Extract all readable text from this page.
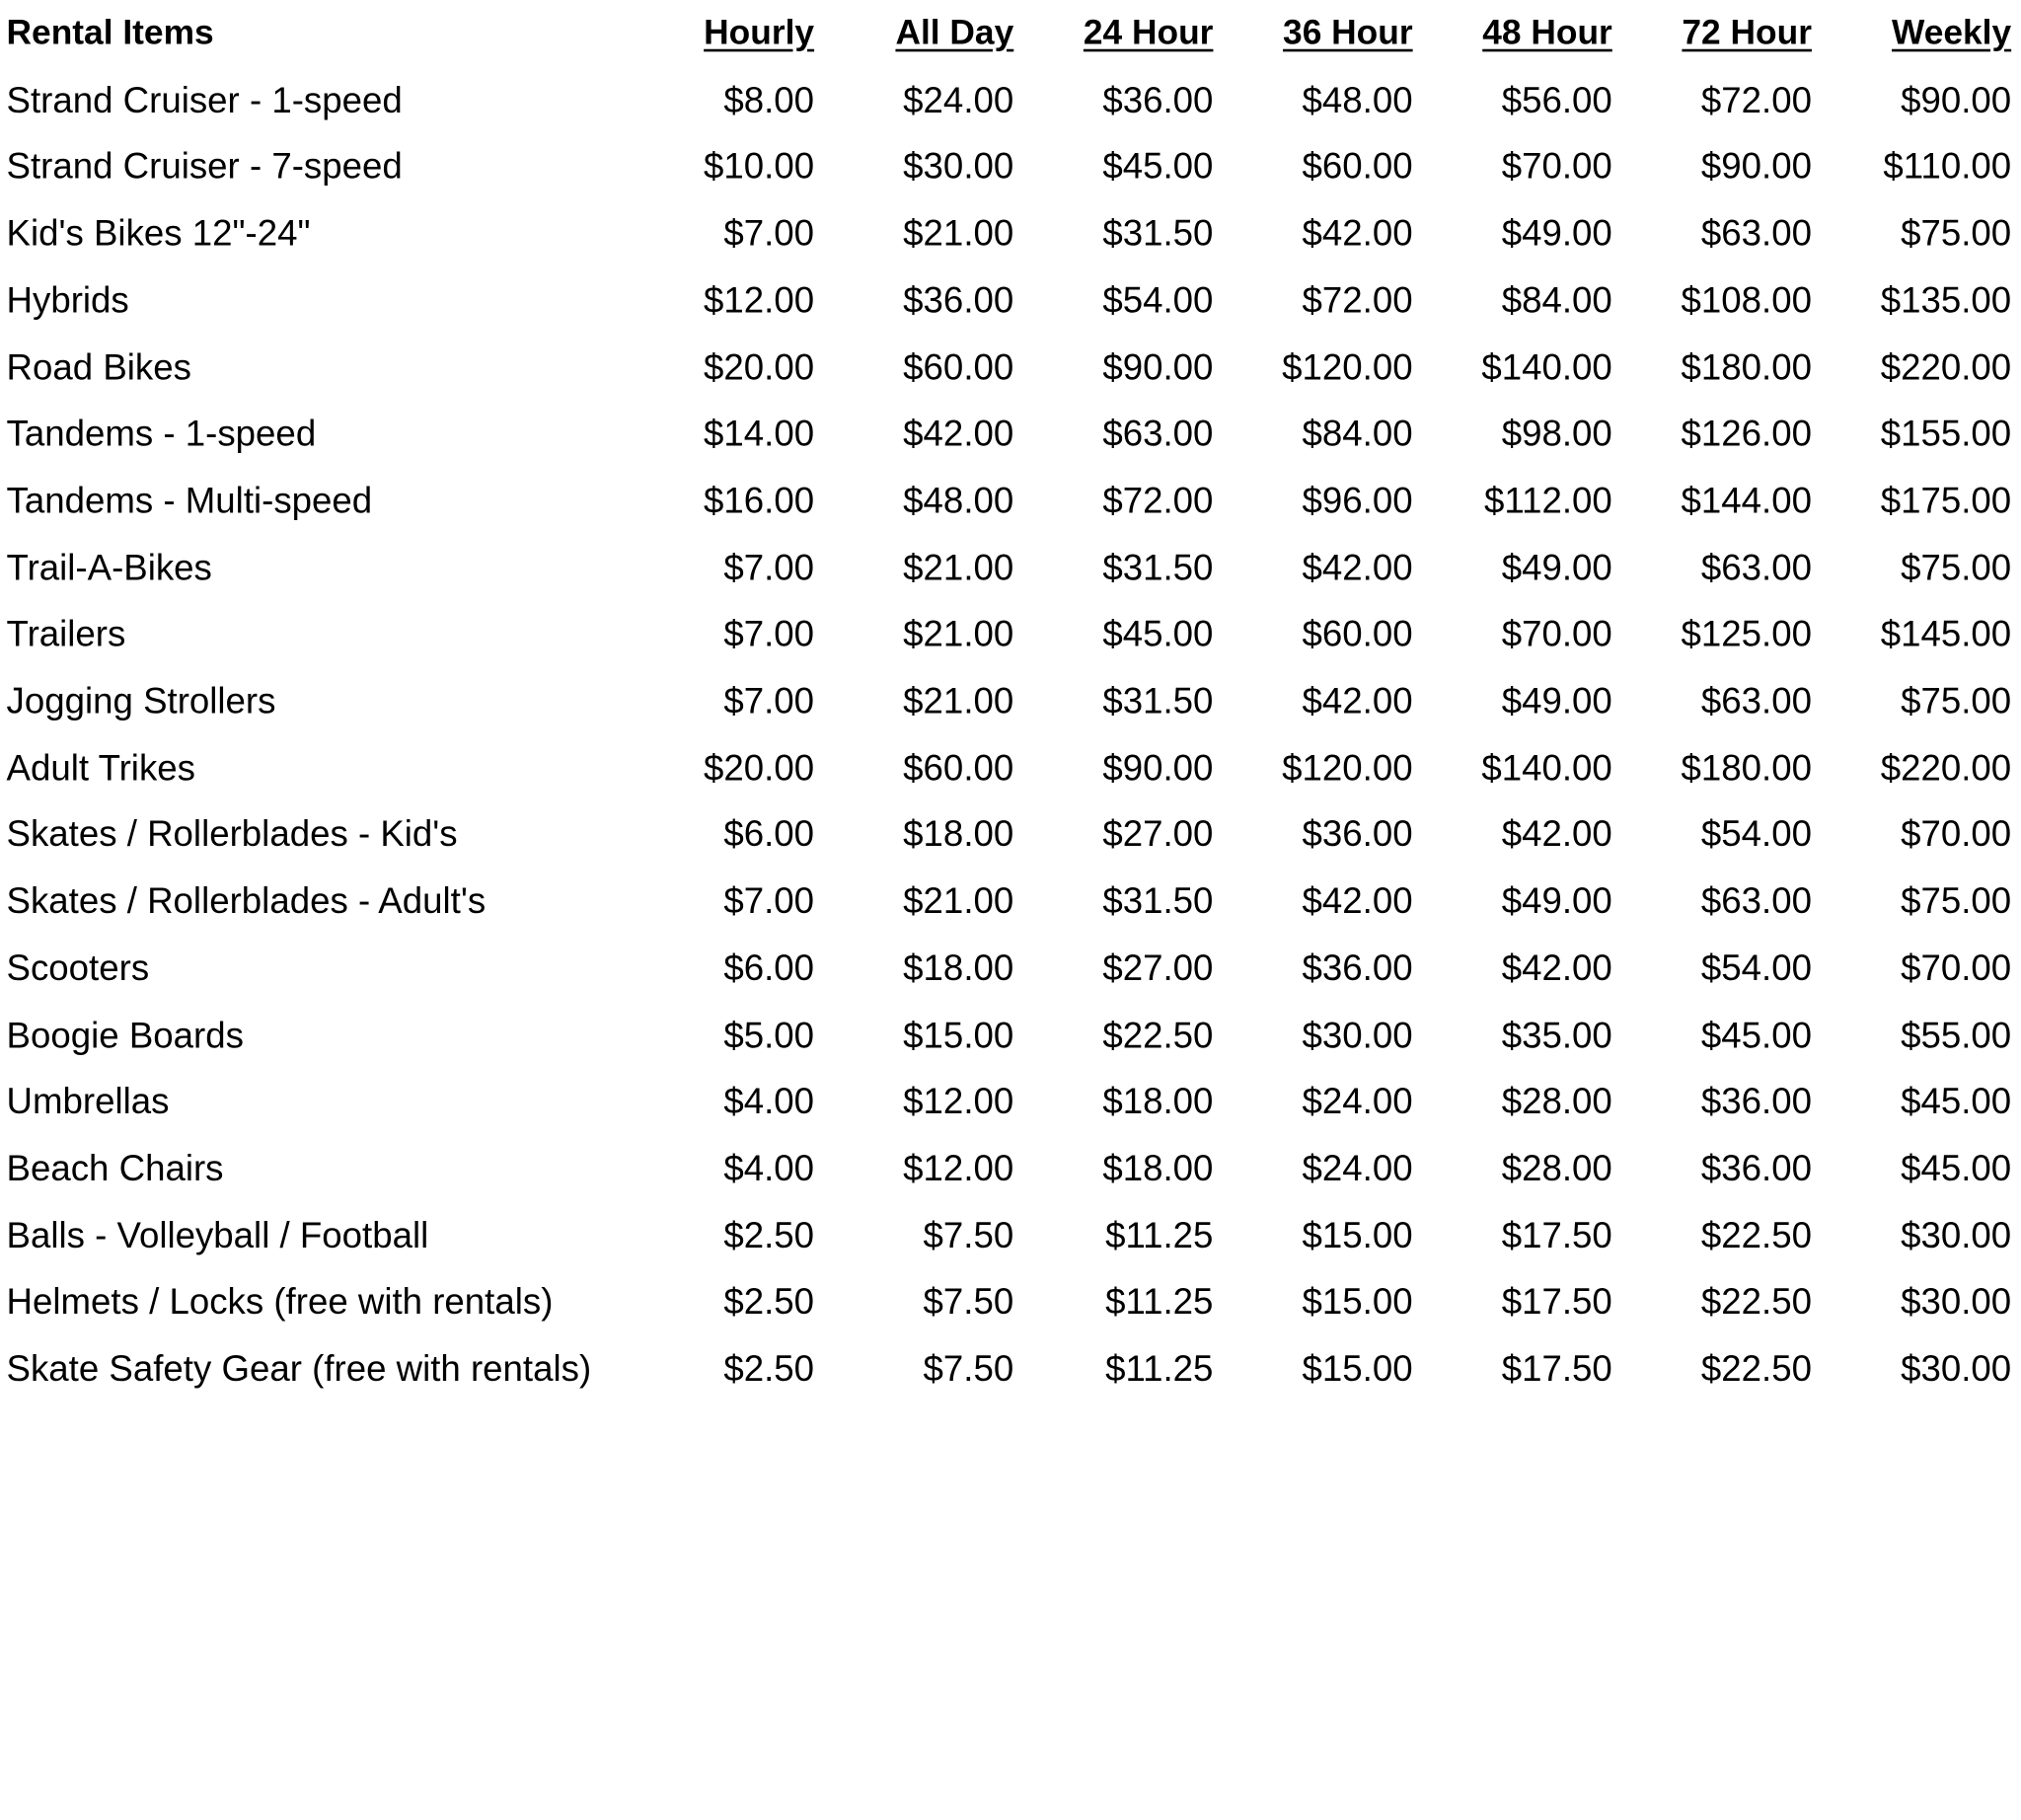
Rental Items	Hourly	All Day	24 Hour	36 Hour	48 Hour	72 Hour	Weekly
Strand Cruiser - 1-speed	$8.00	$24.00	$36.00	$48.00	$56.00	$72.00	$90.00
Strand Cruiser - 7-speed	$10.00	$30.00	$45.00	$60.00	$70.00	$90.00	$110.00
Kid's Bikes 12"-24"	$7.00	$21.00	$31.50	$42.00	$49.00	$63.00	$75.00
Hybrids	$12.00	$36.00	$54.00	$72.00	$84.00	$108.00	$135.00
Road Bikes	$20.00	$60.00	$90.00	$120.00	$140.00	$180.00	$220.00
Tandems - 1-speed	$14.00	$42.00	$63.00	$84.00	$98.00	$126.00	$155.00
Tandems - Multi-speed	$16.00	$48.00	$72.00	$96.00	$112.00	$144.00	$175.00
Trail-A-Bikes	$7.00	$21.00	$31.50	$42.00	$49.00	$63.00	$75.00
Trailers	$7.00	$21.00	$45.00	$60.00	$70.00	$125.00	$145.00
Jogging Strollers	$7.00	$21.00	$31.50	$42.00	$49.00	$63.00	$75.00
Adult Trikes	$20.00	$60.00	$90.00	$120.00	$140.00	$180.00	$220.00
Skates / Rollerblades - Kid's	$6.00	$18.00	$27.00	$36.00	$42.00	$54.00	$70.00
Skates / Rollerblades - Adult's	$7.00	$21.00	$31.50	$42.00	$49.00	$63.00	$75.00
Scooters	$6.00	$18.00	$27.00	$36.00	$42.00	$54.00	$70.00
Boogie Boards	$5.00	$15.00	$22.50	$30.00	$35.00	$45.00	$55.00
Umbrellas	$4.00	$12.00	$18.00	$24.00	$28.00	$36.00	$45.00
Beach Chairs	$4.00	$12.00	$18.00	$24.00	$28.00	$36.00	$45.00
Balls - Volleyball / Football	$2.50	$7.50	$11.25	$15.00	$17.50	$22.50	$30.00
Helmets / Locks (free with rentals)	$2.50	$7.50	$11.25	$15.00	$17.50	$22.50	$30.00
Skate Safety Gear (free with rentals)	$2.50	$7.50	$11.25	$15.00	$17.50	$22.50	$30.00
